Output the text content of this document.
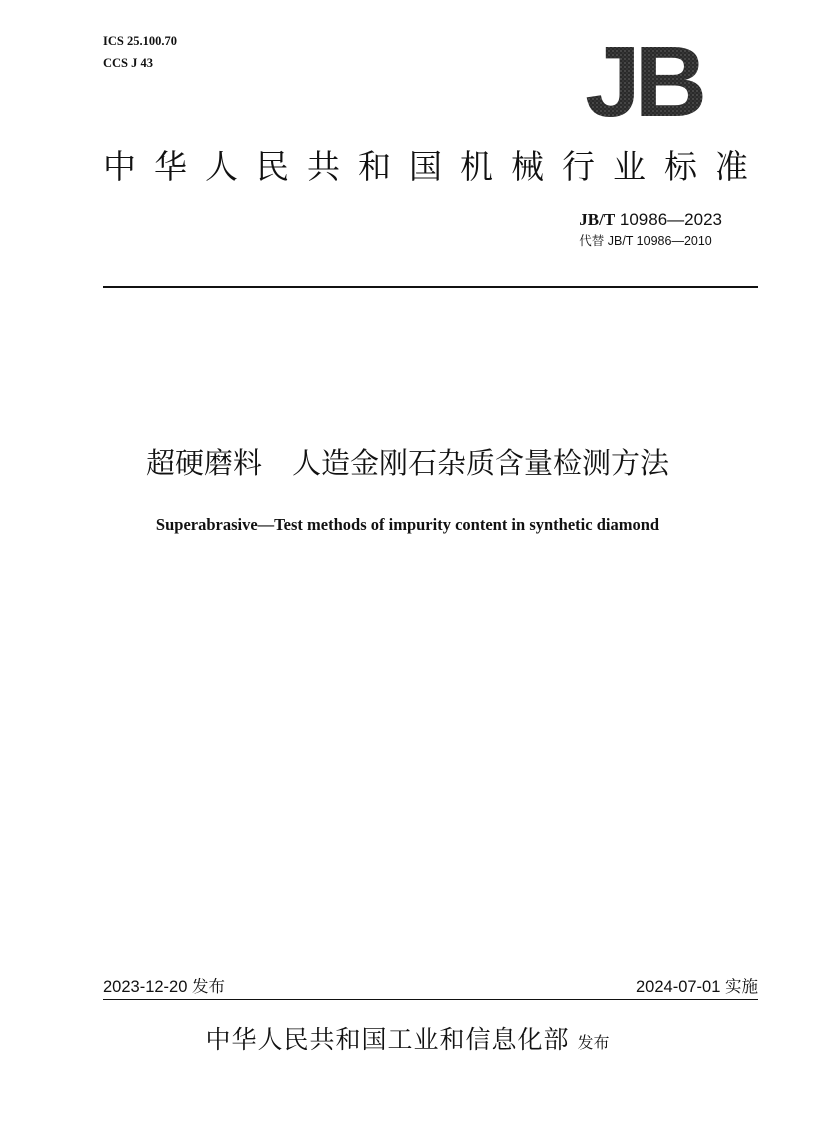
ICS 25.100.70
CCS J 43	JB
中华人民共和国机械行业标准
JB/T 10986—2023
代替 JB/T 10986—2010
超硬磨料 人造金刚石杂质含量检测方法
Superabrasive—Test methods of impurity content in synthetic diamond
2023-12-20 发布	2024-07-01 实施
中华人民共和国工业和信息化部 发布
